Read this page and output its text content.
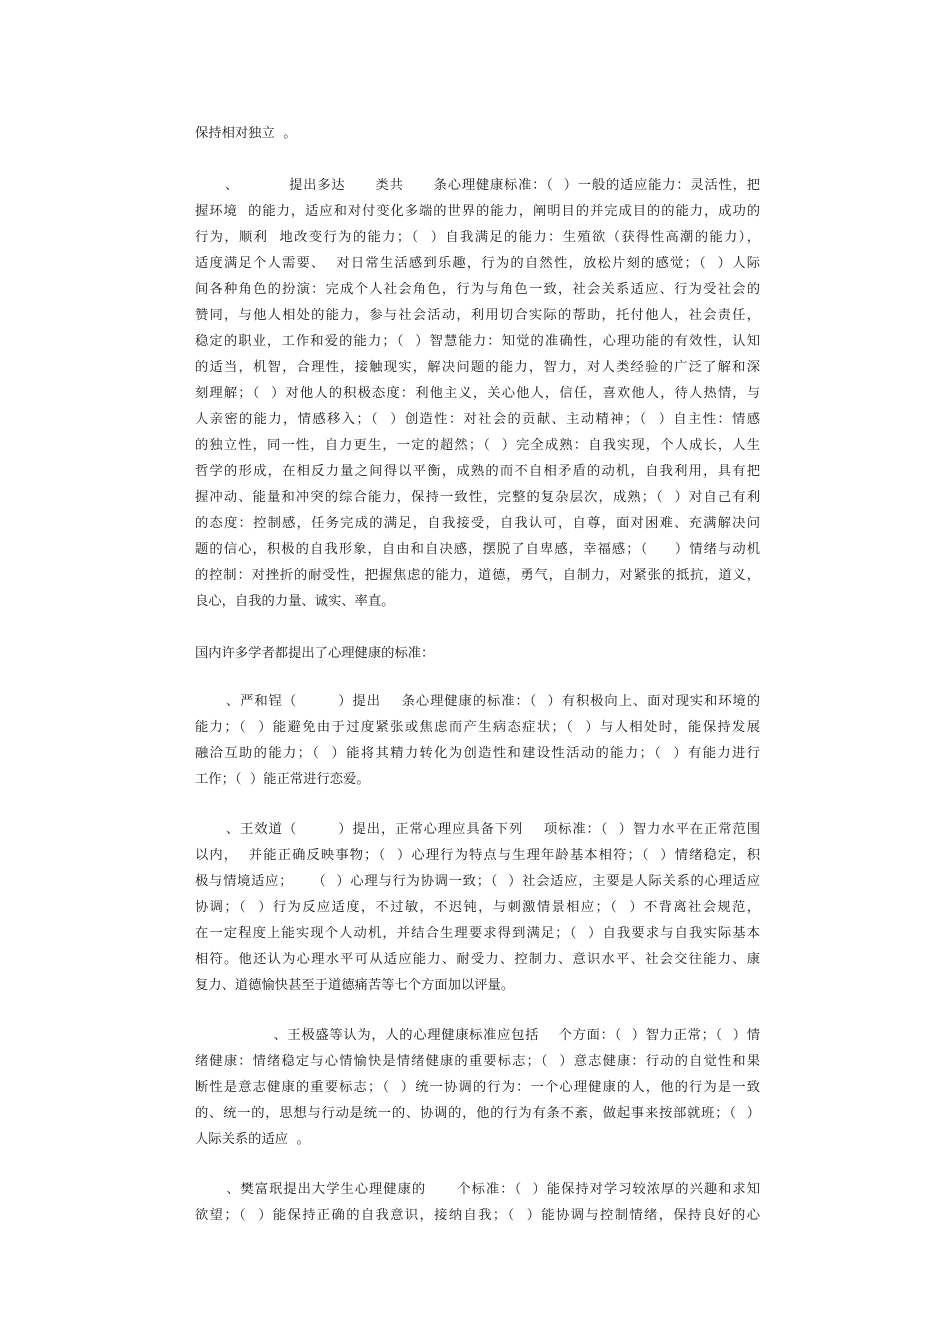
保持相对独立  。
、          提出多达      类共      条心理健康标准：（  ）一般的适应能力：灵活性，把
握环境  的能力，适应和对付变化多端的世界的能力，阐明目的并完成目的的能力，成功的
行为，顺利  地改变行为的能力；（  ）自我满足的能力：生殖欲（获得性高潮的能力），
适度满足个人需要、  对日常生活感到乐趣，行为的自然性，放松片刻的感觉；（  ）人际
间各种角色的扮演：完成个人社会角色，行为与角色一致，社会关系适应、行为受社会的
赞同，与他人相处的能力，参与社会活动，利用切合实际的帮助，托付他人，社会责任，
稳定的职业，工作和爱的能力；（  ）智慧能力：知觉的准确性，心理功能的有效性，认知
的适当，机智，合理性，接触现实，解决问题的能力，智力，对人类经验的广泛了解和深
刻理解；（  ）对他人的积极态度：利他主义，关心他人，信任，喜欢他人，待人热情，与
人亲密的能力，情感移入；（  ）创造性：对社会的贡献、主动精神；（  ）自主性：情感
的独立性，同一性，自力更生，一定的超然；（  ）完全成熟：自我实现，个人成长，人生
哲学的形成，在相反力量之间得以平衡，成熟的而不自相矛盾的动机，自我利用，具有把
握冲动、能量和冲突的综合能力，保持一致性，完整的复杂层次，成熟；（  ）对自己有利
的态度：控制感，任务完成的满足，自我接受，自我认可，自尊，面对困难、充满解决问
题的信心，积极的自我形象，自由和自决感，摆脱了自卑感，幸福感；（     ）情绪与动机
的控制：对挫折的耐受性，把握焦虑的能力，道德，勇气，自制力，对紧张的抵抗，道义，
良心，自我的力量、诚实、率直。
国内许多学者都提出了心理健康的标准：
、严和锃（        ）提出    条心理健康的标准：（  ）有积极向上、面对现实和环境的
能力；（  ）能避免由于过度紧张或焦虑而产生病态症状；（  ）与人相处时，能保持发展
融洽互助的能力；（  ）能将其精力转化为创造性和建设性活动的能力；（  ）有能力进行
工作；（  ）能正常进行恋爱。
、王效道（        ）提出，正常心理应具备下列    项标准：（  ）智力水平在正常范围
以内，  并能正确反映事物；（  ）心理行为特点与生理年龄基本相符；（  ）情绪稳定，积
极与情境适应；    （  ）心理与行为协调一致；（  ）社会适应，主要是人际关系的心理适应
协调；（  ）行为反应适度，不过敏，不迟钝，与刺激情景相应；（  ）不背离社会规范，
在一定程度上能实现个人动机，并结合生理要求得到满足；（  ）自我要求与自我实际基本
相符。他还认为心理水平可从适应能力、耐受力、控制力、意识水平、社会交往能力、康
复力、道德愉快甚至于道德痛苦等七个方面加以评量。
、王极盛等认为，人的心理健康标准应包括    个方面：（  ）智力正常；（  ）情
绪健康：情绪稳定与心情愉快是情绪健康的重要标志；（  ）意志健康：行动的自觉性和果
断性是意志健康的重要标志；（  ）统一协调的行为：一个心理健康的人，他的行为是一致
的、统一的，思想与行动是统一的、协调的，他的行为有条不紊，做起事来按部就班；（  ）
人际关系的适应  。
、樊富珉提出大学生心理健康的      个标准：（  ）能保持对学习较浓厚的兴趣和求知
欲望；（  ）能保持正确的自我意识，接纳自我；（  ）能协调与控制情绪，保持良好的心
